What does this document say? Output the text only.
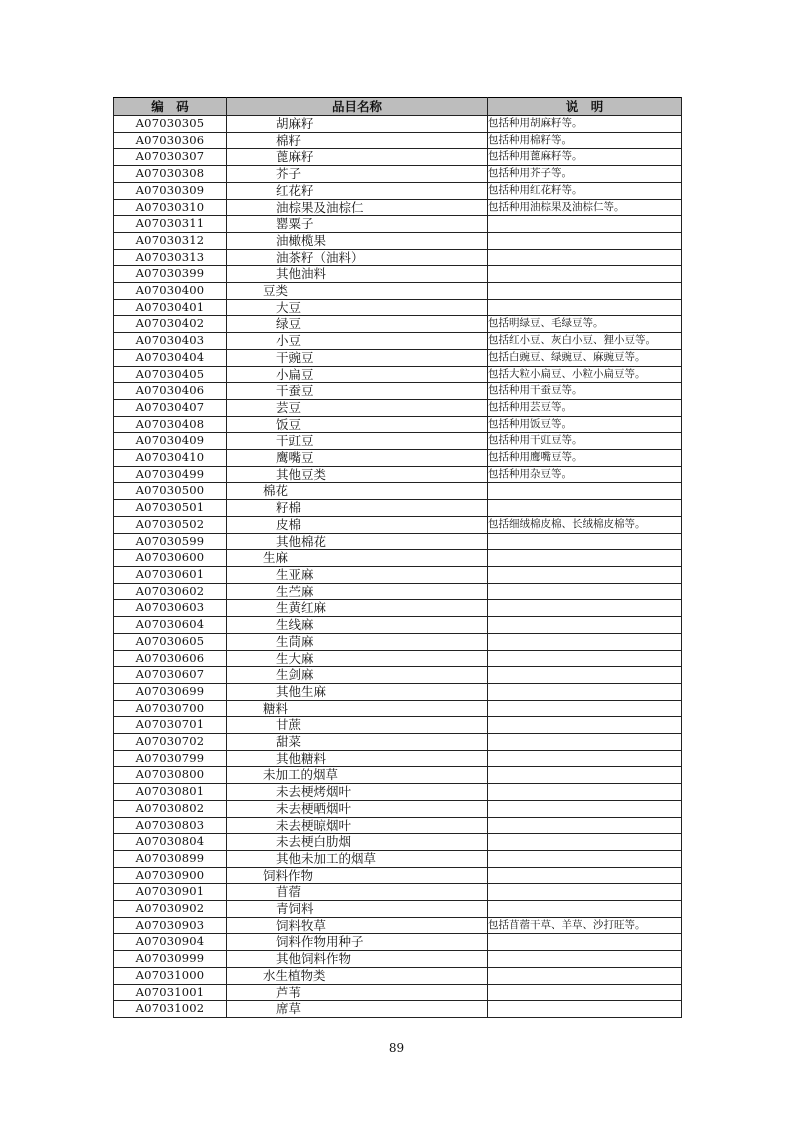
编　码	品目名称	说　明
A07030305	胡麻籽	包括种用胡麻籽等。
A07030306	棉籽	包括种用棉籽等。
A07030307	蓖麻籽	包括种用蓖麻籽等。
A07030308	芥子	包括种用芥子等。
A07030309	红花籽	包括种用红花籽等。
A07030310	油棕果及油棕仁	包括种用油棕果及油棕仁等。
A07030311	罂粟子	
A07030312	油橄榄果	
A07030313	油茶籽（油料）	
A07030399	其他油料	
A07030400	豆类	
A07030401	大豆	
A07030402	绿豆	包括明绿豆、毛绿豆等。
A07030403	小豆	包括红小豆、灰白小豆、狸小豆等。
A07030404	干豌豆	包括白豌豆、绿豌豆、麻豌豆等。
A07030405	小扁豆	包括大粒小扁豆、小粒小扁豆等。
A07030406	干蚕豆	包括种用干蚕豆等。
A07030407	芸豆	包括种用芸豆等。
A07030408	饭豆	包括种用饭豆等。
A07030409	干豇豆	包括种用干豇豆等。
A07030410	鹰嘴豆	包括种用鹰嘴豆等。
A07030499	其他豆类	包括种用杂豆等。
A07030500	棉花	
A07030501	籽棉	
A07030502	皮棉	包括细绒棉皮棉、长绒棉皮棉等。
A07030599	其他棉花	
A07030600	生麻	
A07030601	生亚麻	
A07030602	生苎麻	
A07030603	生黄红麻	
A07030604	生线麻	
A07030605	生茼麻	
A07030606	生大麻	
A07030607	生剑麻	
A07030699	其他生麻	
A07030700	糖料	
A07030701	甘蔗	
A07030702	甜菜	
A07030799	其他糖料	
A07030800	未加工的烟草	
A07030801	未去梗烤烟叶	
A07030802	未去梗晒烟叶	
A07030803	未去梗晾烟叶	
A07030804	未去梗白肋烟	
A07030899	其他未加工的烟草	
A07030900	饲料作物	
A07030901	苜蓿	
A07030902	青饲料	
A07030903	饲料牧草	包括苜蓿干草、羊草、沙打旺等。
A07030904	饲料作物用种子	
A07030999	其他饲料作物	
A07031000	水生植物类	
A07031001	芦苇	
A07031002	席草	
89
